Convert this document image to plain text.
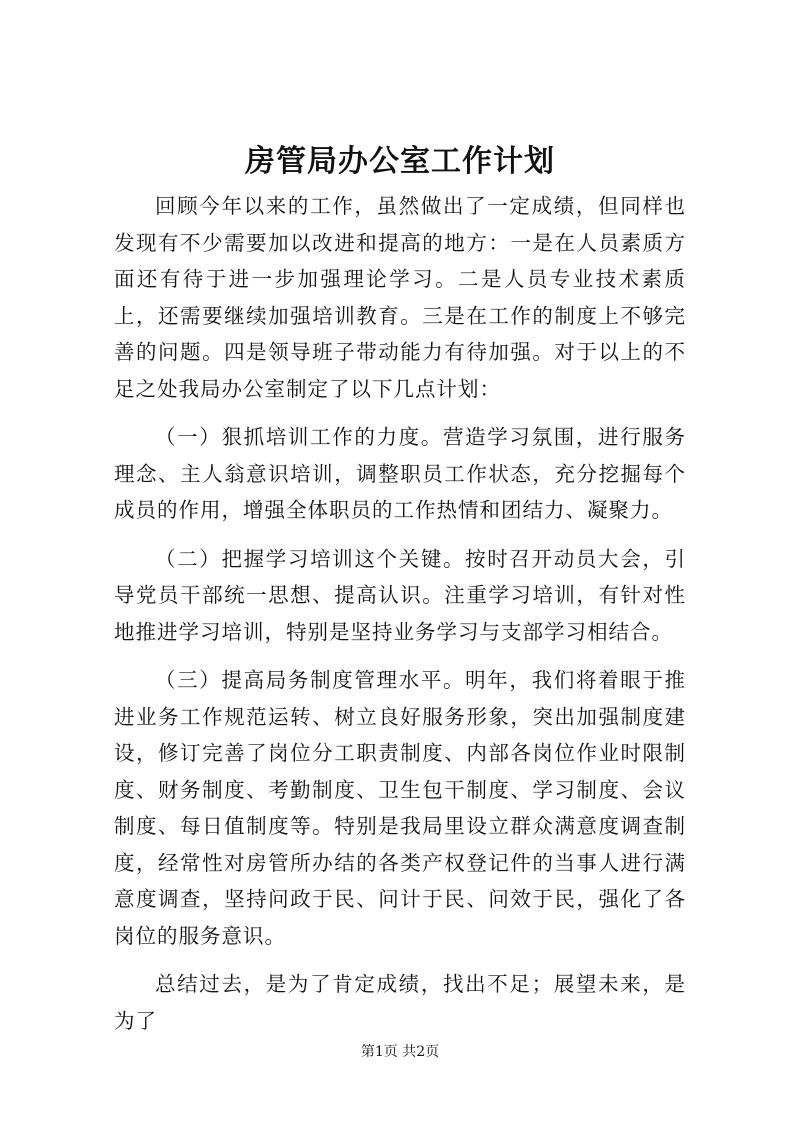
房管局办公室工作计划

回顾今年以来的工作，虽然做出了一定成绩，但同样也发现有不少需要加以改进和提高的地方：一是在人员素质方面还有待于进一步加强理论学习。二是人员专业技术素质上，还需要继续加强培训教育。三是在工作的制度上不够完善的问题。四是领导班子带动能力有待加强。对于以上的不足之处我局办公室制定了以下几点计划：

（一）狠抓培训工作的力度。营造学习氛围，进行服务理念、主人翁意识培训，调整职员工作状态，充分挖掘每个成员的作用，增强全体职员的工作热情和团结力、凝聚力。

（二）把握学习培训这个关键。按时召开动员大会，引导党员干部统一思想、提高认识。注重学习培训，有针对性地推进学习培训，特别是坚持业务学习与支部学习相结合。

（三）提高局务制度管理水平。明年，我们将着眼于推进业务工作规范运转、树立良好服务形象，突出加强制度建设，修订完善了岗位分工职责制度、内部各岗位作业时限制度、财务制度、考勤制度、卫生包干制度、学习制度、会议制度、每日值制度等。特别是我局里设立群众满意度调查制度，经常性对房管所办结的各类产权登记件的当事人进行满意度调查，坚持问政于民、问计于民、问效于民，强化了各岗位的服务意识。

总结过去，是为了肯定成绩，找出不足；展望未来，是为了

第1页 共2页
